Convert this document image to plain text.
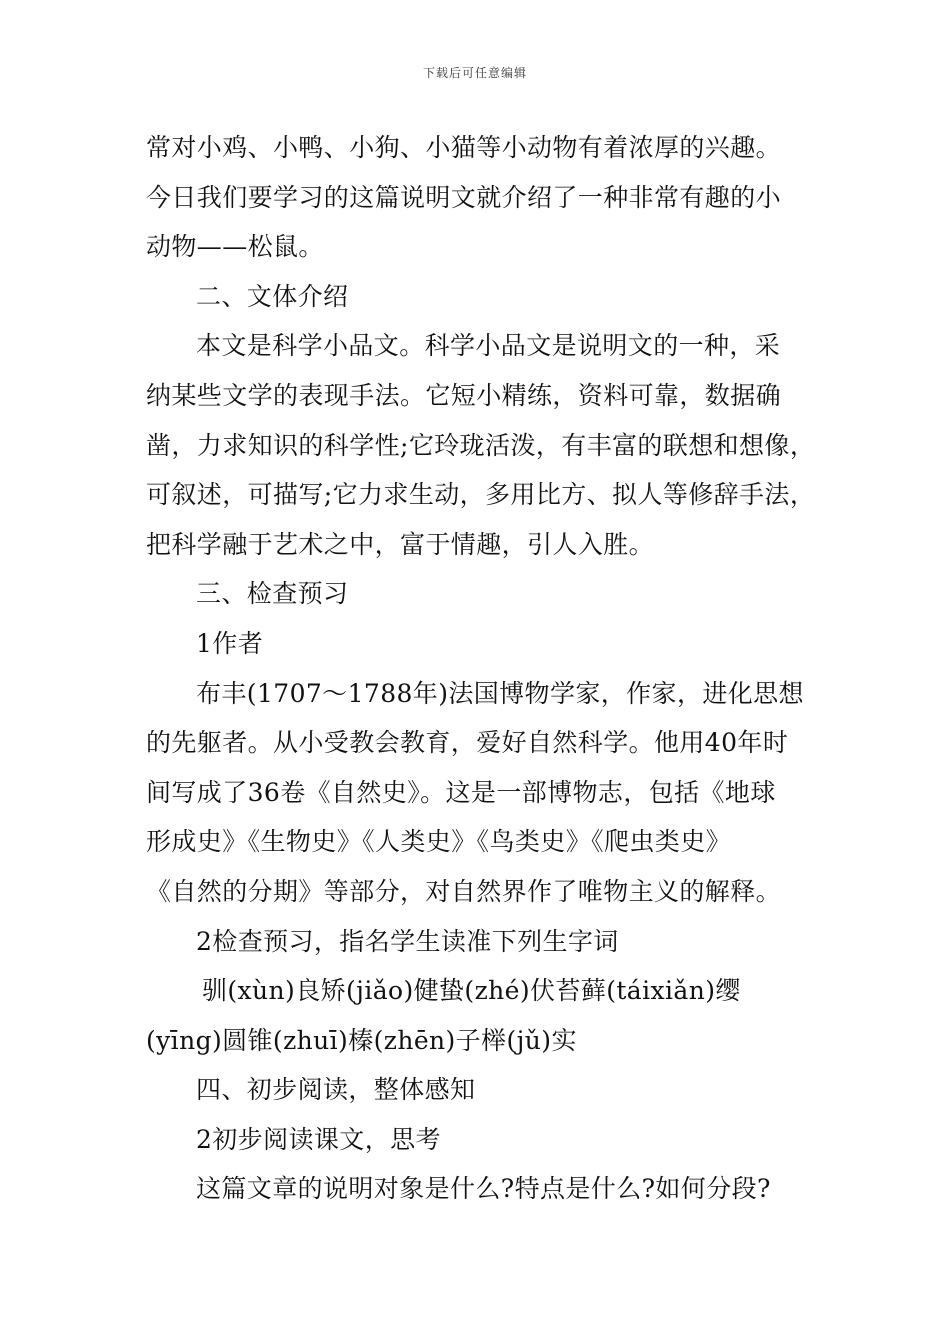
下载后可任意编辑
常对小鸡、小鸭、小狗、小猫等小动物有着浓厚的兴趣。
今日我们要学习的这篇说明文就介绍了一种非常有趣的小
动物——松鼠。
二、文体介绍
本文是科学小品文。科学小品文是说明文的一种，采
纳某些文学的表现手法。它短小精练，资料可靠，数据确
凿，力求知识的科学性;它玲珑活泼，有丰富的联想和想像，
可叙述，可描写;它力求生动，多用比方、拟人等修辞手法，
把科学融于艺术之中，富于情趣，引人入胜。
三、检查预习
1作者
布丰(1707～1788年)法国博物学家，作家，进化思想
的先躯者。从小受教会教育，爱好自然科学。他用40年时
间写成了36卷《自然史》。这是一部博物志，包括《地球
形成史》《生物史》《人类史》《鸟类史》《爬虫类史》
《自然的分期》等部分，对自然界作了唯物主义的解释。
2检查预习，指名学生读准下列生字词
驯(xùn)良矫(jiǎo)健蛰(zhé)伏苔藓(táixiǎn)缨
(yīng)圆锥(zhuī)榛(zhēn)子榉(jǔ)实
四、初步阅读，整体感知
2初步阅读课文，思考
这篇文章的说明对象是什么?特点是什么?如何分段?
